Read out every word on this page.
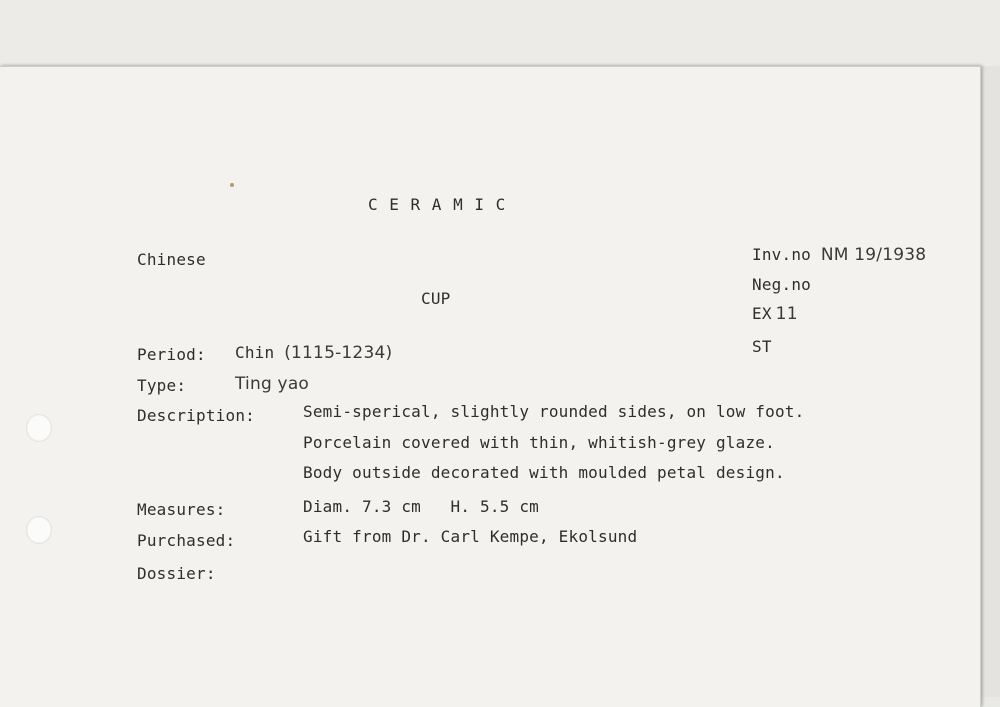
C E R A M I C
Chinese
CUP
Inv.no NM 19/1938
Neg.no
EX 11
ST
Period: Chin (1115-1234)
Type:	Ting yao
Description:	Semi-sperical, slightly rounded sides, on low foot.
Porcelain covered with thin, whitish-grey glaze.
Body outside decorated with moulded petal design.
Measures:	Diam. 7.3 cm   H. 5.5 cm
Purchased:	Gift from Dr. Carl Kempe, Ekolsund
Dossier:
